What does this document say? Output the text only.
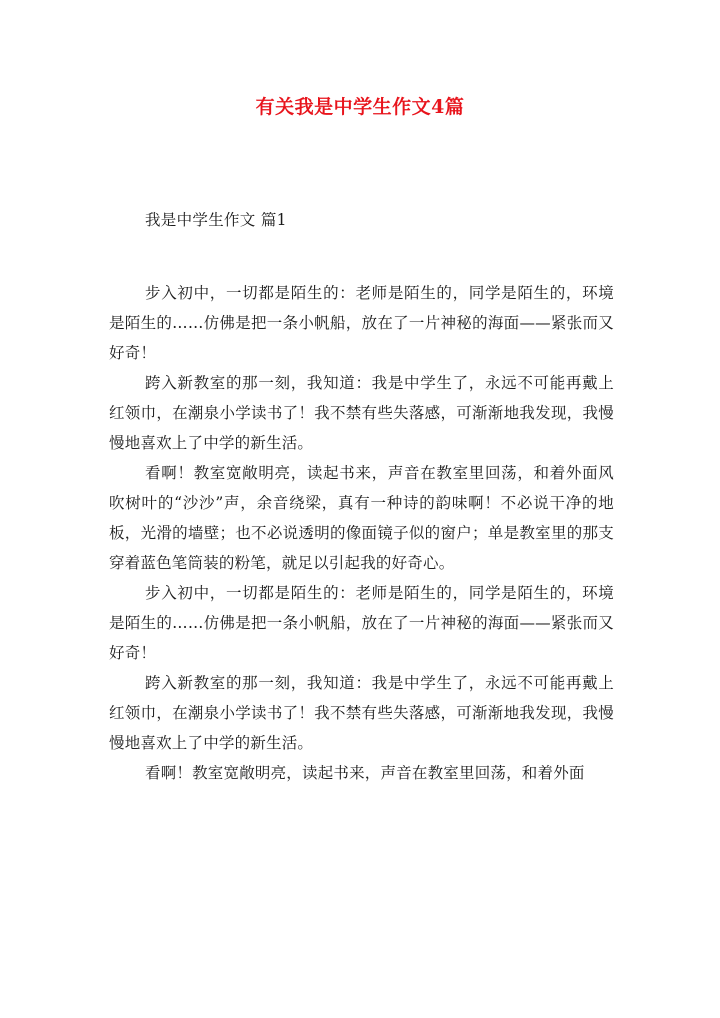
有关我是中学生作文4篇
我是中学生作文 篇1

步入初中，一切都是陌生的：老师是陌生的，同学是陌生的，环境是陌生的……仿佛是把一条小帆船，放在了一片神秘的海面——紧张而又好奇！

跨入新教室的那一刻，我知道：我是中学生了，永远不可能再戴上红领巾，在潮泉小学读书了！我不禁有些失落感，可渐渐地我发现，我慢慢地喜欢上了中学的新生活。

看啊！教室宽敞明亮，读起书来，声音在教室里回荡，和着外面风吹树叶的“沙沙”声，余音绕梁，真有一种诗的韵味啊！不必说干净的地板，光滑的墙壁；也不必说透明的像面镜子似的窗户；单是教室里的那支穿着蓝色笔筒装的粉笔，就足以引起我的好奇心。

步入初中，一切都是陌生的：老师是陌生的，同学是陌生的，环境是陌生的……仿佛是把一条小帆船，放在了一片神秘的海面——紧张而又好奇！

跨入新教室的那一刻，我知道：我是中学生了，永远不可能再戴上红领巾，在潮泉小学读书了！我不禁有些失落感，可渐渐地我发现，我慢慢地喜欢上了中学的新生活。

看啊！教室宽敞明亮，读起书来，声音在教室里回荡，和着外面
